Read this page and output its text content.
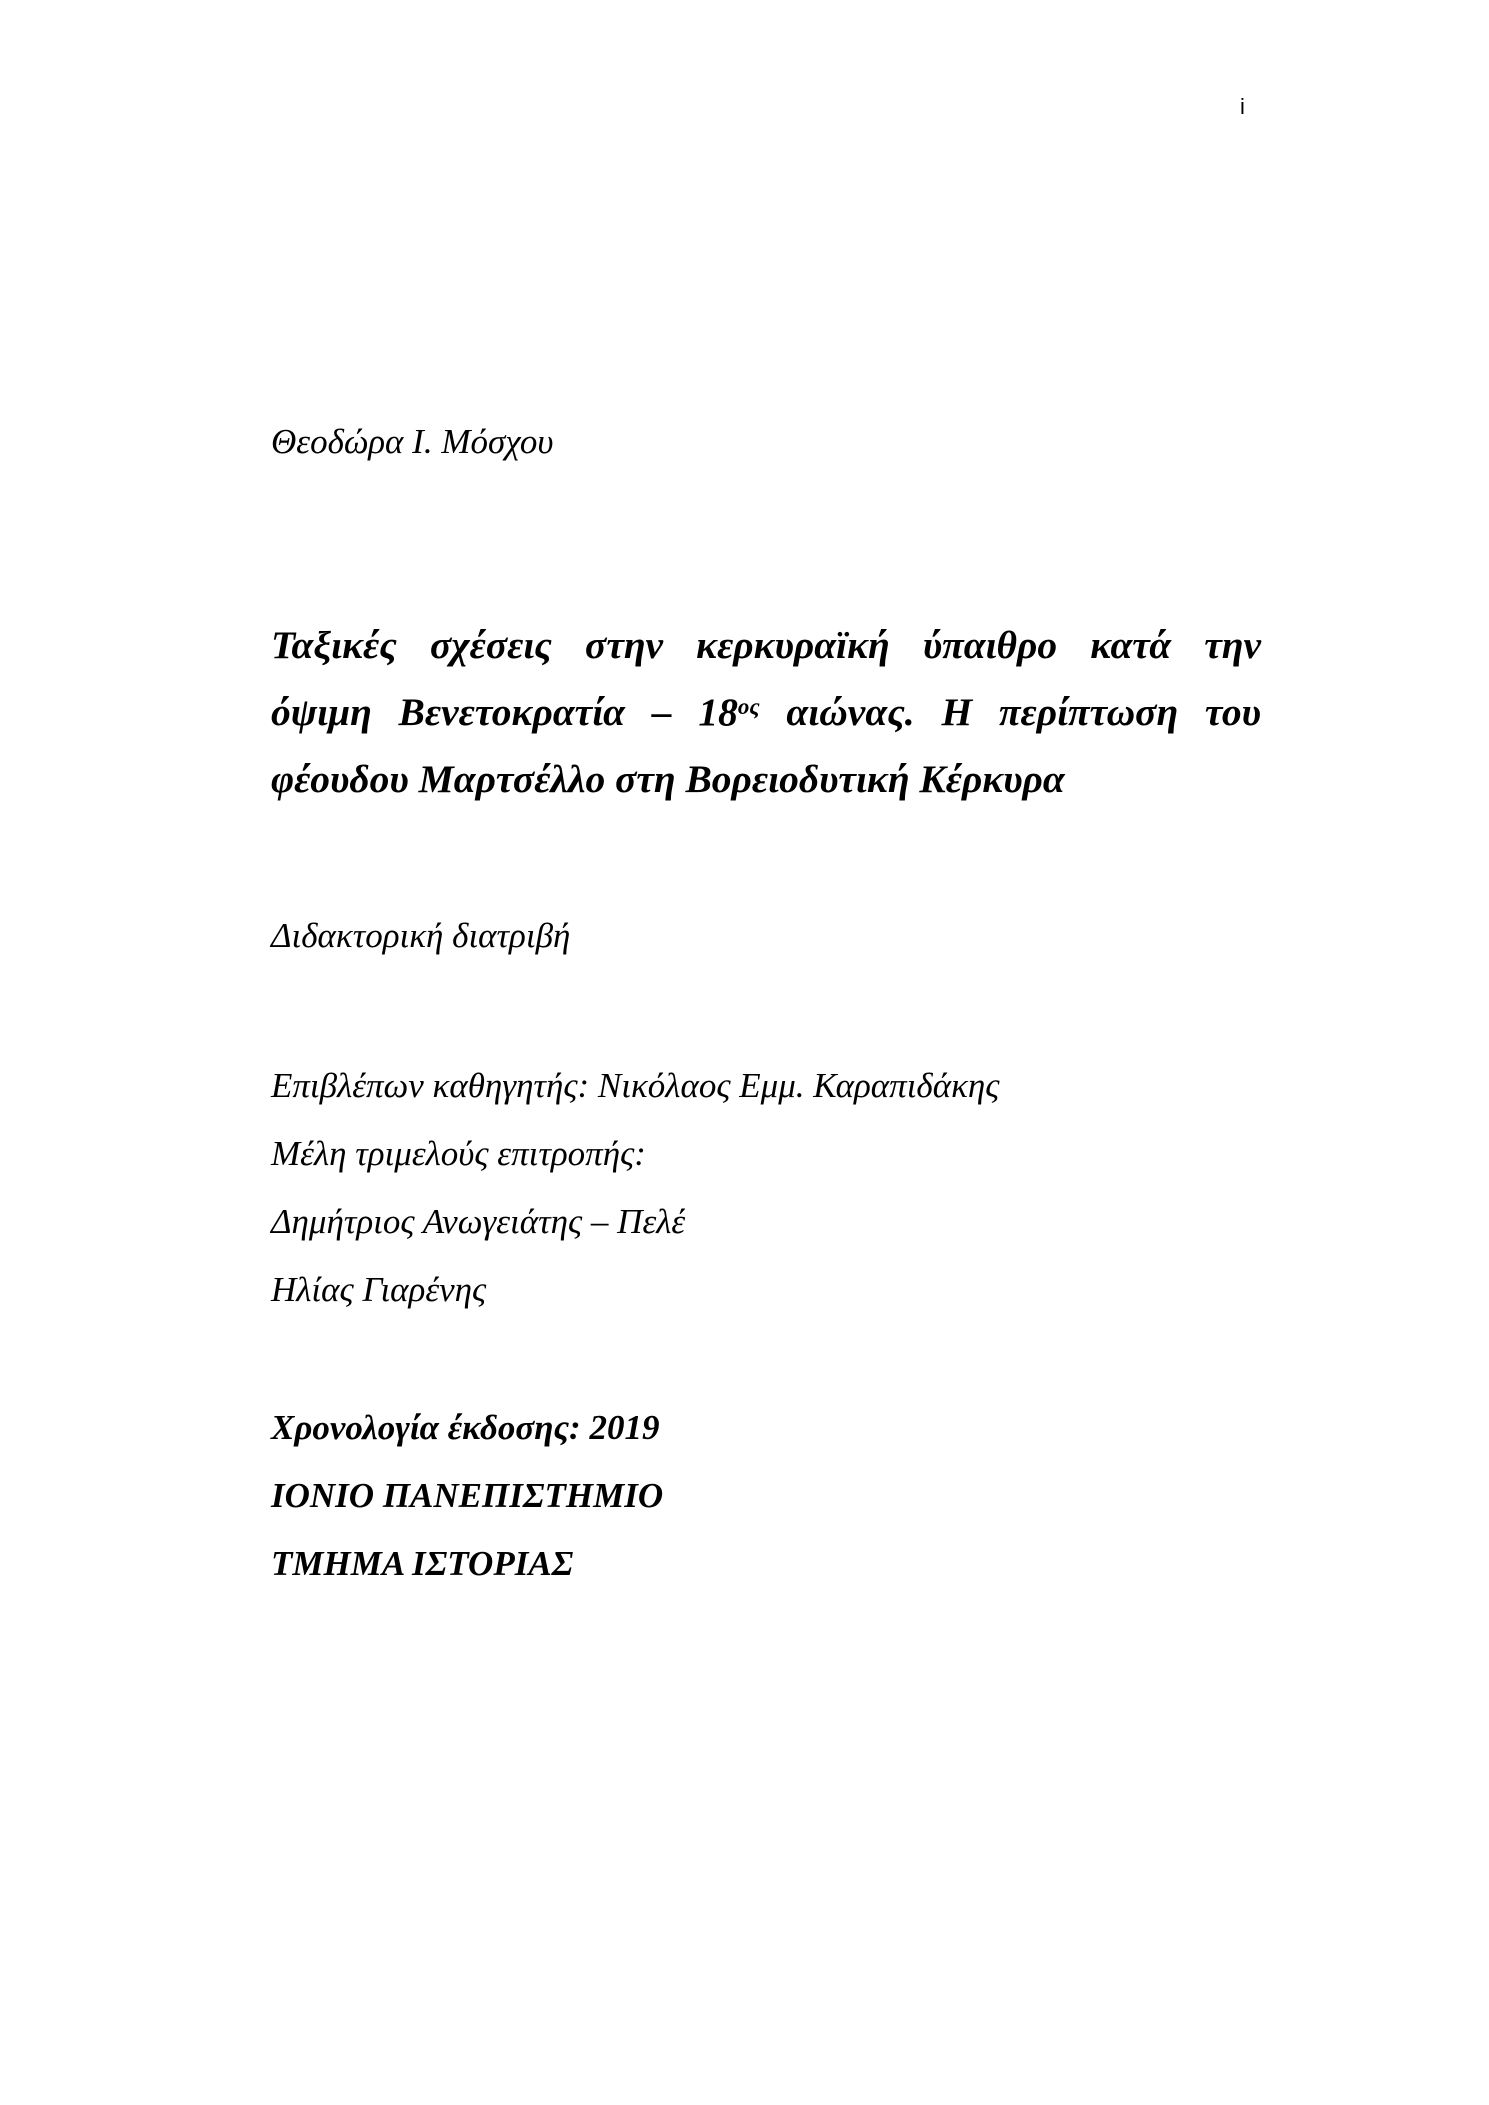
i
Θεοδώρα Ι. Μόσχου
Ταξικές σχέσεις στην κερκυραϊκή ύπαιθρο κατά την
όψιμη Βενετοκρατία – $18^{o\varsigma}$ αιώνας. Η περίπτωση του
φέουδου Μαρτσέλλο στη Βορειοδυτική Κέρκυρα
Διδακτορική διατριβή
Επιβλέπων καθηγητής: Νικόλαος Εμμ. Καραπιδάκης
Μέλη τριμελούς επιτροπής:
Δημήτριος Ανωγειάτης – Πελέ
Ηλίας Γιαρένης
Χρονολογία έκδοσης: 2019
ΙΟΝΙΟ ΠΑΝΕΠΙΣΤΗΜΙΟ
ΤΜΗΜΑ ΙΣΤΟΡΙΑΣ
